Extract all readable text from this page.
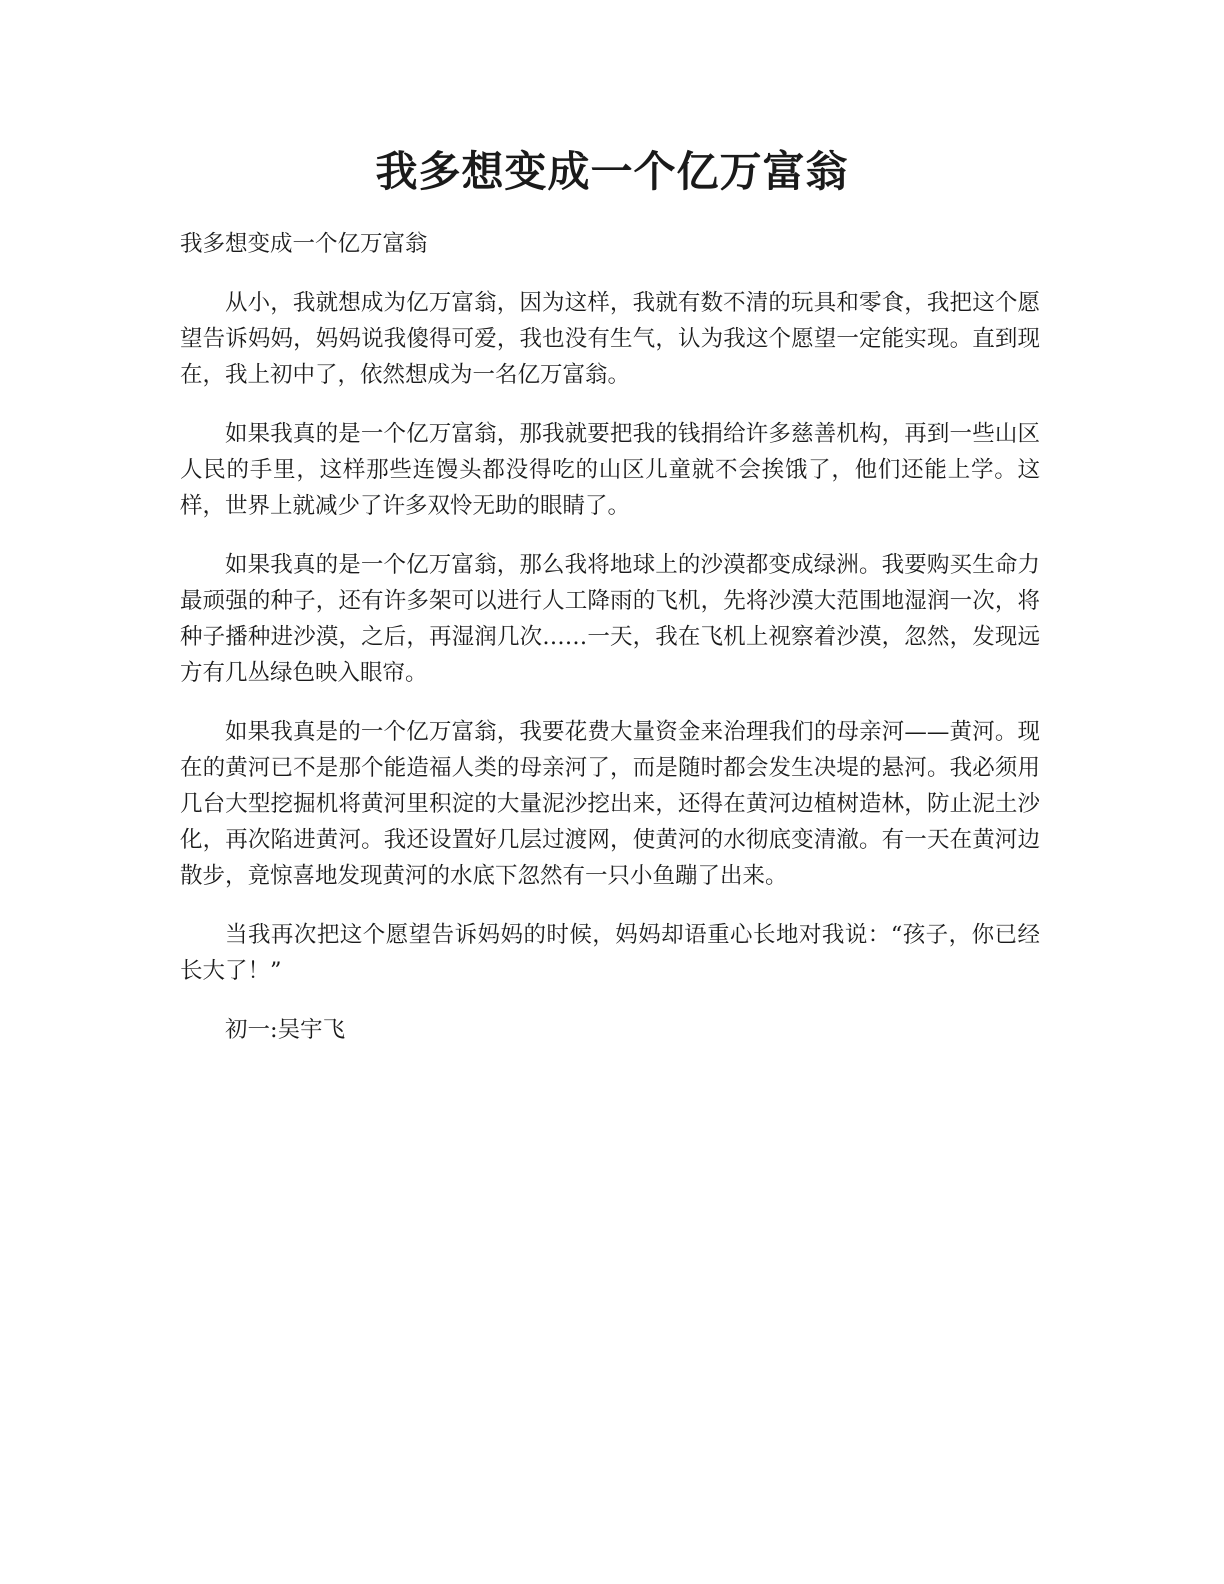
我多想变成一个亿万富翁

我多想变成一个亿万富翁

从小，我就想成为亿万富翁，因为这样，我就有数不清的玩具和零食，我把这个愿望告诉妈妈，妈妈说我傻得可爱，我也没有生气，认为我这个愿望一定能实现。直到现在，我上初中了，依然想成为一名亿万富翁。

如果我真的是一个亿万富翁，那我就要把我的钱捐给许多慈善机构，再到一些山区人民的手里，这样那些连馒头都没得吃的山区儿童就不会挨饿了，他们还能上学。这样，世界上就减少了许多双怜无助的眼睛了。

如果我真的是一个亿万富翁，那么我将地球上的沙漠都变成绿洲。我要购买生命力最顽强的种子，还有许多架可以进行人工降雨的飞机，先将沙漠大范围地湿润一次，将种子播种进沙漠，之后，再湿润几次……一天，我在飞机上视察着沙漠，忽然，发现远方有几丛绿色映入眼帘。

如果我真是的一个亿万富翁，我要花费大量资金来治理我们的母亲河——黄河。现在的黄河已不是那个能造福人类的母亲河了，而是随时都会发生决堤的悬河。我必须用几台大型挖掘机将黄河里积淀的大量泥沙挖出来，还得在黄河边植树造林，防止泥土沙化，再次陷进黄河。我还设置好几层过渡网，使黄河的水彻底变清澈。有一天在黄河边散步，竟惊喜地发现黄河的水底下忽然有一只小鱼蹦了出来。

当我再次把这个愿望告诉妈妈的时候，妈妈却语重心长地对我说：“孩子，你已经长大了！”

初一:吴宇飞
